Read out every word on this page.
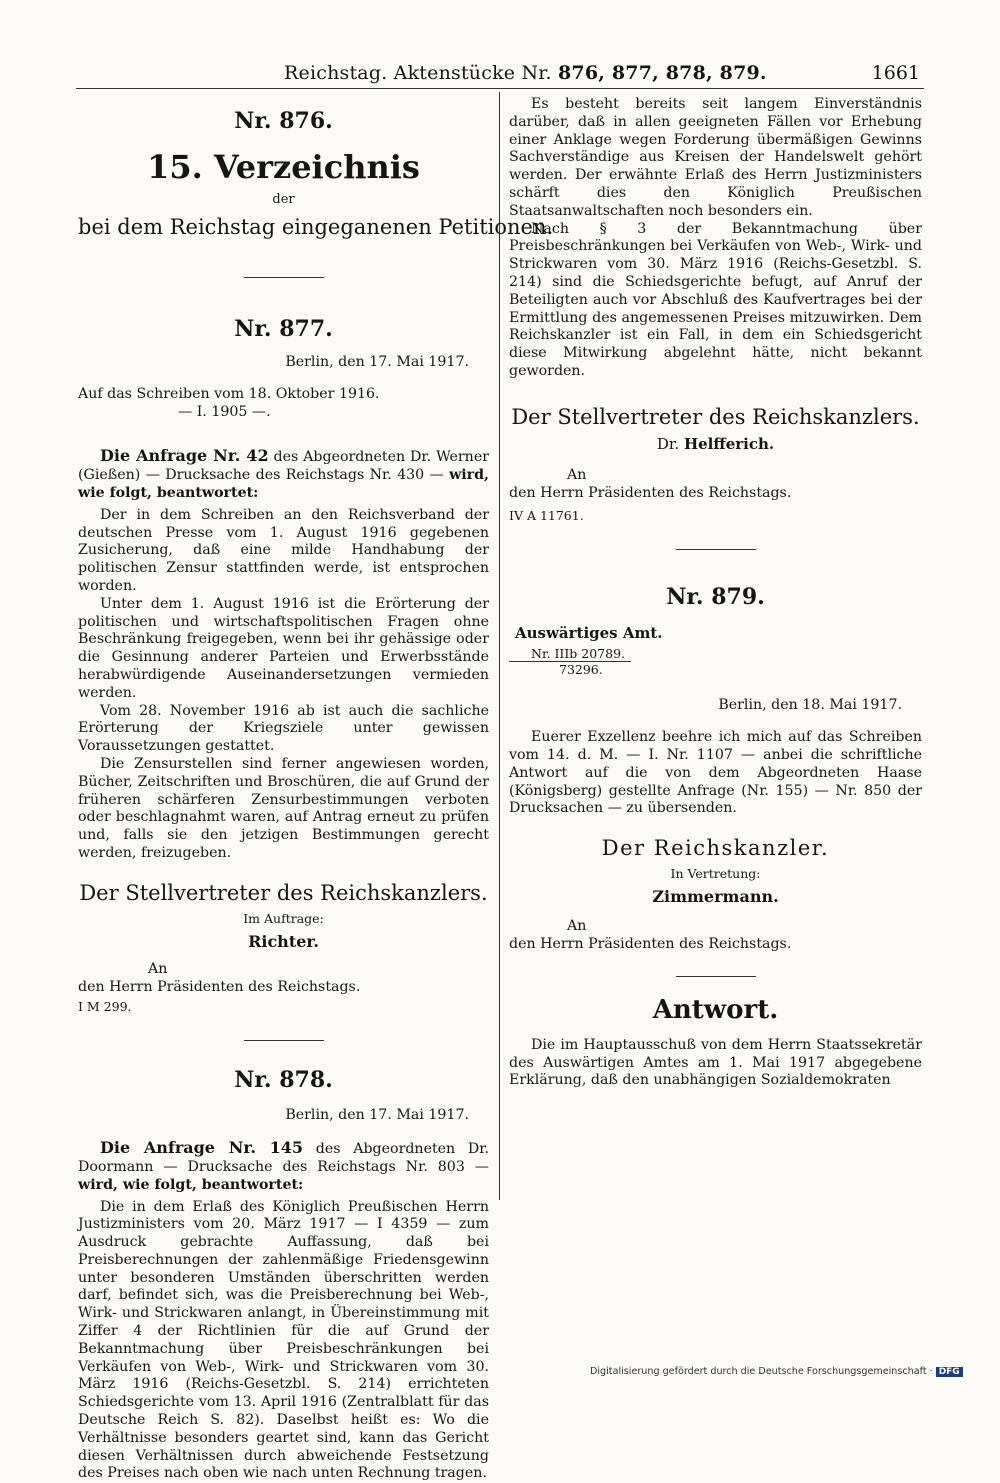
Reichstag. Aktenstücke Nr. 876, 877, 878, 879.	1661
Nr. 876.
15. Verzeichnis
der
bei dem Reichstag eingeganenen Petitionen.
Nr. 877.
Berlin, den 17. Mai 1917.
Auf das Schreiben vom 18. Oktober 1916.
— I. 1905 —.

Die Anfrage Nr. 42 des Abgeordneten Dr. Werner (Gießen) — Drucksache des Reichstags Nr. 430 — wird, wie folgt, beantwortet:

Der in dem Schreiben an den Reichsverband der deutschen Presse vom 1. August 1916 gegebenen Zusicherung, daß eine milde Handhabung der politischen Zensur stattfinden werde, ist entsprochen worden.

Unter dem 1. August 1916 ist die Erörterung der politischen und wirtschaftspolitischen Fragen ohne Beschränkung freigegeben, wenn bei ihr gehässige oder die Gesinnung anderer Parteien und Erwerbsstände herabwürdigende Auseinandersetzungen vermieden werden.

Vom 28. November 1916 ab ist auch die sachliche Erörterung der Kriegsziele unter gewissen Voraussetzungen gestattet.

Die Zensurstellen sind ferner angewiesen worden, Bücher, Zeitschriften und Broschüren, die auf Grund der früheren schärferen Zensurbestimmungen verboten oder beschlagnahmt waren, auf Antrag erneut zu prüfen und, falls sie den jetzigen Bestimmungen gerecht werden, freizugeben.

Der Stellvertreter des Reichskanzlers.
Im Auftrage:
Richter.
An
den Herrn Präsidenten des Reichstags.
I M 299.
Nr. 878.
Berlin, den 17. Mai 1917.

Die Anfrage Nr. 145 des Abgeordneten Dr. Doormann — Drucksache des Reichstags Nr. 803 — wird, wie folgt, beantwortet:

Die in dem Erlaß des Königlich Preußischen Herrn Justizministers vom 20. März 1917 — I 4359 — zum Ausdruck gebrachte Auffassung, daß bei Preisberechnungen der zahlenmäßige Friedensgewinn unter besonderen Umständen überschritten werden darf, befindet sich, was die Preisberechnung bei Web-, Wirk- und Strickwaren anlangt, in Übereinstimmung mit Ziffer 4 der Richtlinien für die auf Grund der Bekanntmachung über Preisbeschränkungen bei Verkäufen von Web-, Wirk- und Strickwaren vom 30. März 1916 (Reichs-Gesetzbl. S. 214) errichteten Schiedsgerichte vom 13. April 1916 (Zentralblatt für das Deutsche Reich S. 82). Daselbst heißt es: Wo die Verhältnisse besonders geartet sind, kann das Gericht diesen Verhältnissen durch abweichende Festsetzung des Preises nach oben wie nach unten Rechnung tragen.

Es besteht bereits seit langem Einverständnis darüber, daß in allen geeigneten Fällen vor Erhebung einer Anklage wegen Forderung übermäßigen Gewinns Sachverständige aus Kreisen der Handelswelt gehört werden. Der erwähnte Erlaß des Herrn Justizministers schärft dies den Königlich Preußischen Staatsanwaltschaften noch besonders ein.

Nach § 3 der Bekanntmachung über Preisbeschränkungen bei Verkäufen von Web-, Wirk- und Strickwaren vom 30. März 1916 (Reichs-Gesetzbl. S. 214) sind die Schiedsgerichte befugt, auf Anruf der Beteiligten auch vor Abschluß des Kaufvertrages bei der Ermittlung des angemessenen Preises mitzuwirken. Dem Reichskanzler ist ein Fall, in dem ein Schiedsgericht diese Mitwirkung abgelehnt hätte, nicht bekannt geworden.

Der Stellvertreter des Reichskanzlers.
Dr. Helfferich.
An
den Herrn Präsidenten des Reichstags.
IV A 11761.
Nr. 879.
Auswärtiges Amt.
Nr. IIIb 20789.
73296.
Berlin, den 18. Mai 1917.

Euerer Exzellenz beehre ich mich auf das Schreiben vom 14. d. M. — I. Nr. 1107 — anbei die schriftliche Antwort auf die von dem Abgeordneten Haase (Königsberg) gestellte Anfrage (Nr. 155) — Nr. 850 der Drucksachen — zu übersenden.

Der Reichskanzler.
In Vertretung:
Zimmermann.
An
den Herrn Präsidenten des Reichstags.
Antwort.

Die im Hauptausschuß von dem Herrn Staatssekretär des Auswärtigen Amtes am 1. Mai 1917 abgegebene Erklärung, daß den unabhängigen Sozialdemokraten

Digitalisierung gefördert durch die Deutsche Forschungsgemeinschaft · DFG
